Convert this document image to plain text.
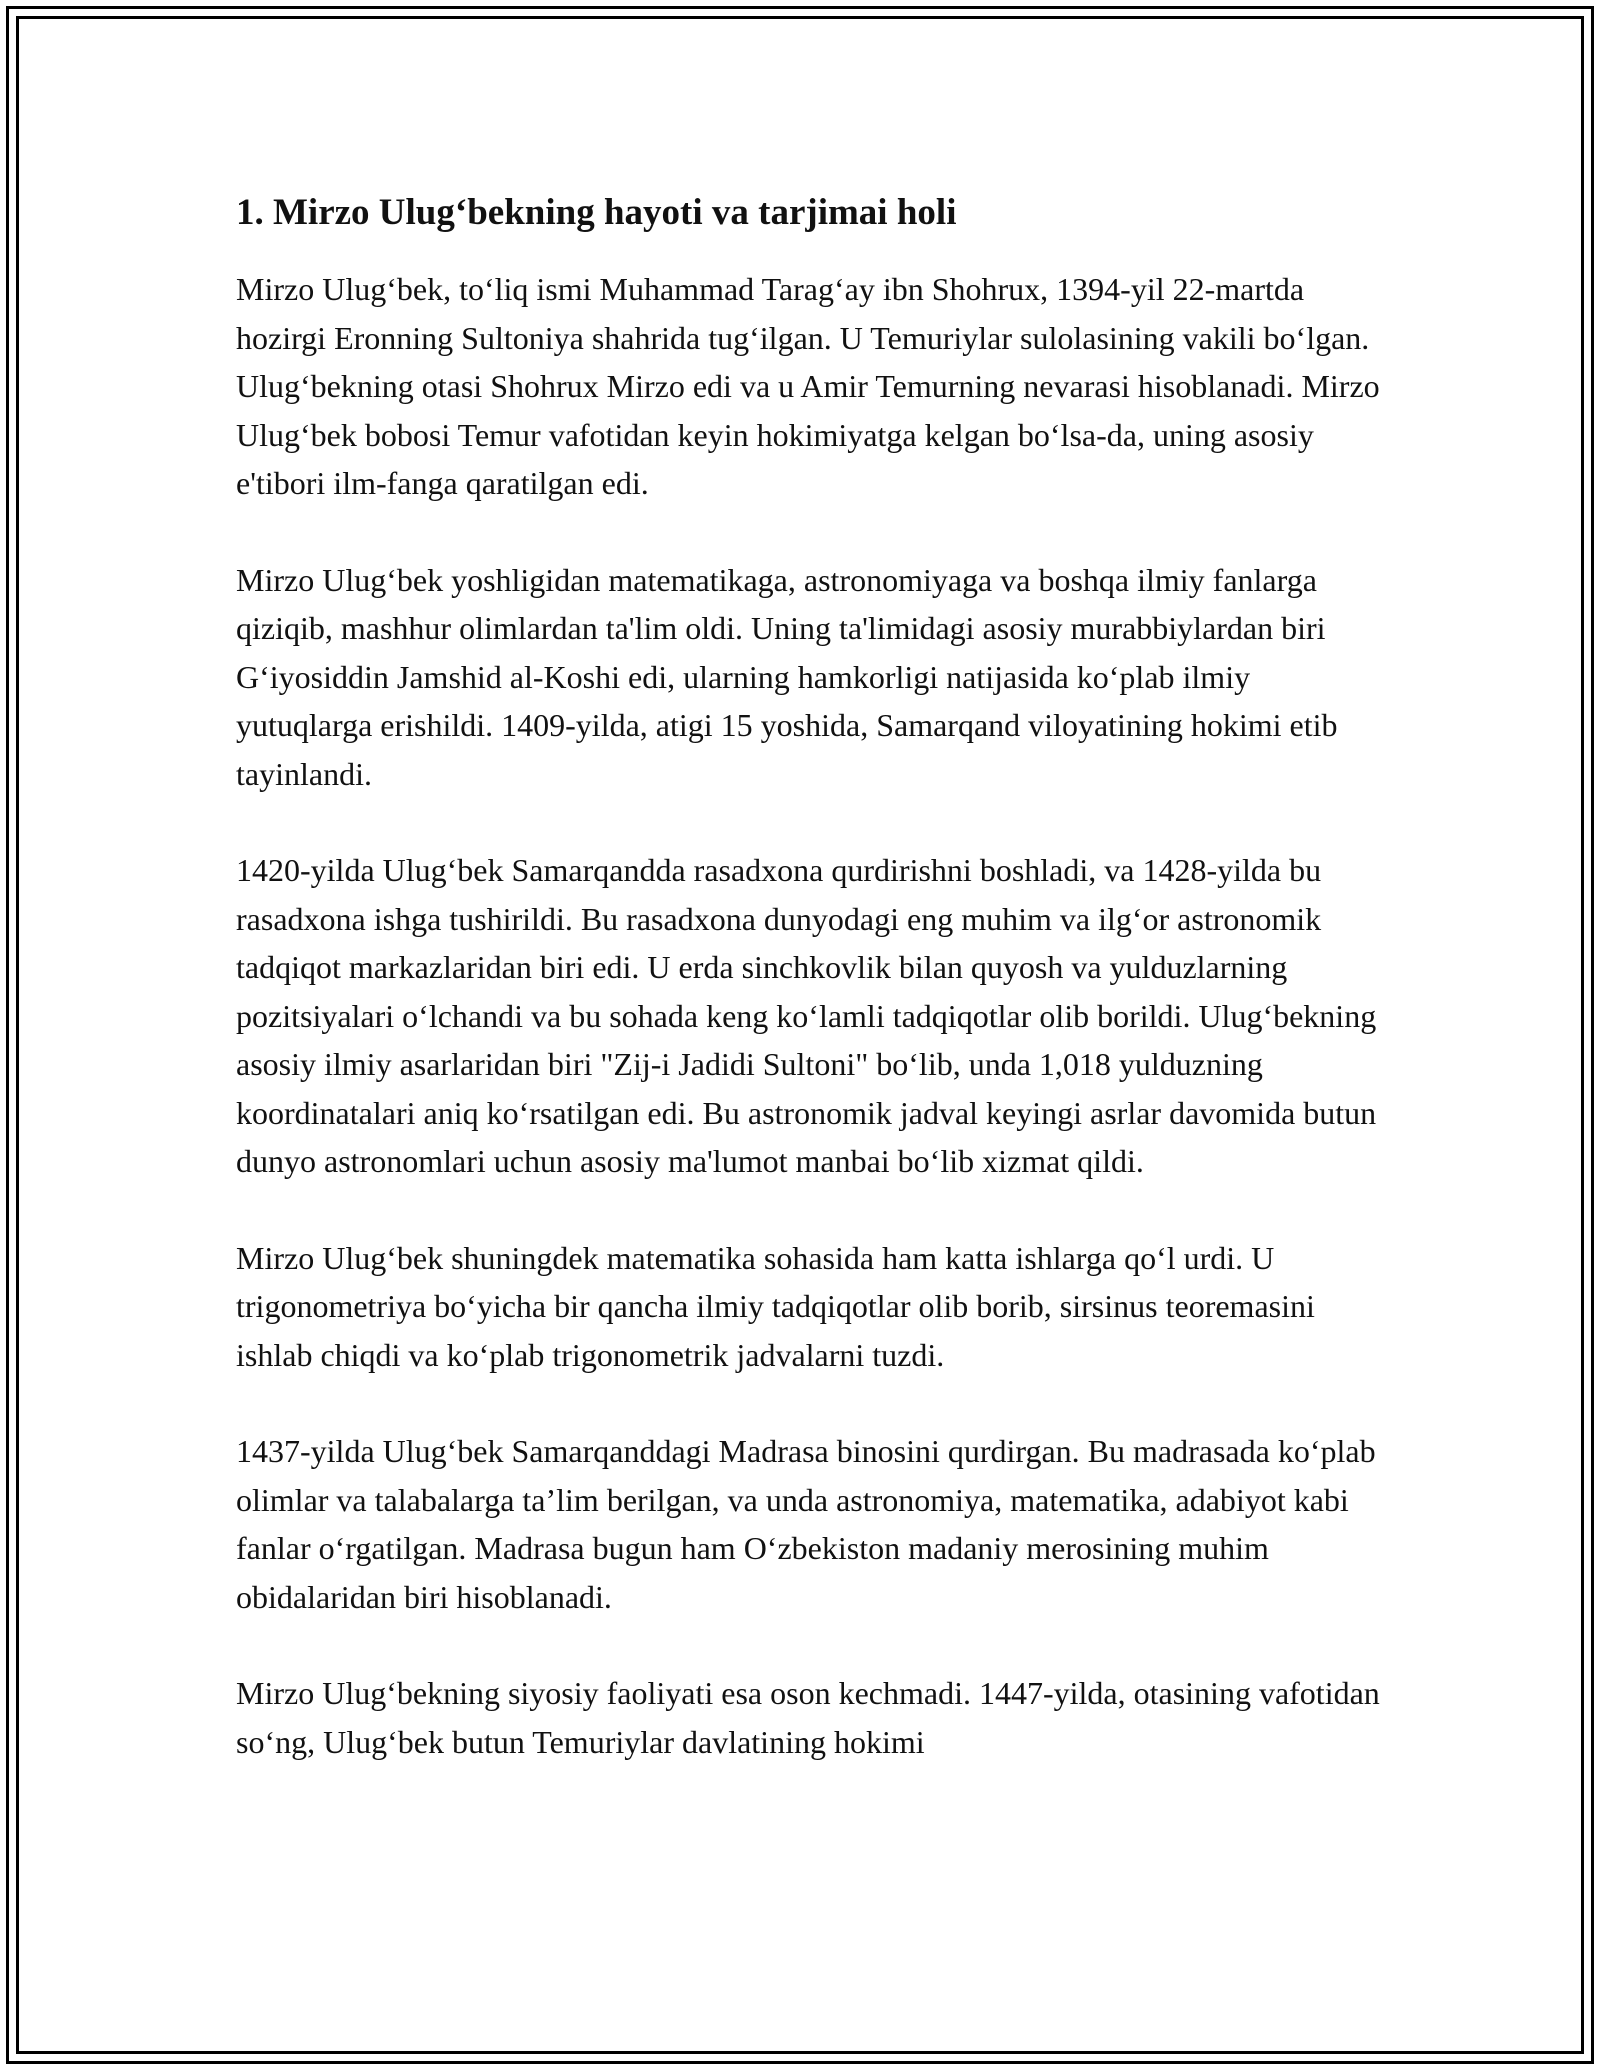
1. Mirzo Ulug‘bekning hayoti va tarjimai holi

Mirzo Ulug‘bek, to‘liq ismi Muhammad Tarag‘ay ibn Shohrux, 1394-yil 22-martda hozirgi Eronning Sultoniya shahrida tug‘ilgan. U Temuriylar sulolasining vakili bo‘lgan. Ulug‘bekning otasi Shohrux Mirzo edi va u Amir Temurning nevarasi hisoblanadi. Mirzo Ulug‘bek bobosi Temur vafotidan keyin hokimiyatga kelgan bo‘lsa-da, uning asosiy e'tibori ilm-fanga qaratilgan edi.

Mirzo Ulug‘bek yoshligidan matematikaga, astronomiyaga va boshqa ilmiy fanlarga qiziqib, mashhur olimlardan ta'lim oldi. Uning ta'limidagi asosiy murabbiylardan biri G‘iyosiddin Jamshid al-Koshi edi, ularning hamkorligi natijasida ko‘plab ilmiy yutuqlarga erishildi. 1409-yilda, atigi 15 yoshida, Samarqand viloyatining hokimi etib tayinlandi.

1420-yilda Ulug‘bek Samarqandda rasadxona qurdirishni boshladi, va 1428-yilda bu rasadxona ishga tushirildi. Bu rasadxona dunyodagi eng muhim va ilg‘or astronomik tadqiqot markazlaridan biri edi. U erda sinchkovlik bilan quyosh va yulduzlarning pozitsiyalari o‘lchandi va bu sohada keng ko‘lamli tadqiqotlar olib borildi. Ulug‘bekning asosiy ilmiy asarlaridan biri "Zij-i Jadidi Sultoni" bo‘lib, unda 1,018 yulduzning koordinatalari aniq ko‘rsatilgan edi. Bu astronomik jadval keyingi asrlar davomida butun dunyo astronomlari uchun asosiy ma'lumot manbai bo‘lib xizmat qildi.

Mirzo Ulug‘bek shuningdek matematika sohasida ham katta ishlarga qo‘l urdi. U trigonometriya bo‘yicha bir qancha ilmiy tadqiqotlar olib borib, sirsinus teoremasini ishlab chiqdi va ko‘plab trigonometrik jadvalarni tuzdi.

1437-yilda Ulug‘bek Samarqanddagi Madrasa binosini qurdirgan. Bu madrasada ko‘plab olimlar va talabalarga ta’lim berilgan, va unda astronomiya, matematika, adabiyot kabi fanlar o‘rgatilgan. Madrasa bugun ham O‘zbekiston madaniy merosining muhim obidalaridan biri hisoblanadi.

Mirzo Ulug‘bekning siyosiy faoliyati esa oson kechmadi. 1447-yilda, otasining vafotidan so‘ng, Ulug‘bek butun Temuriylar davlatining hokimi
